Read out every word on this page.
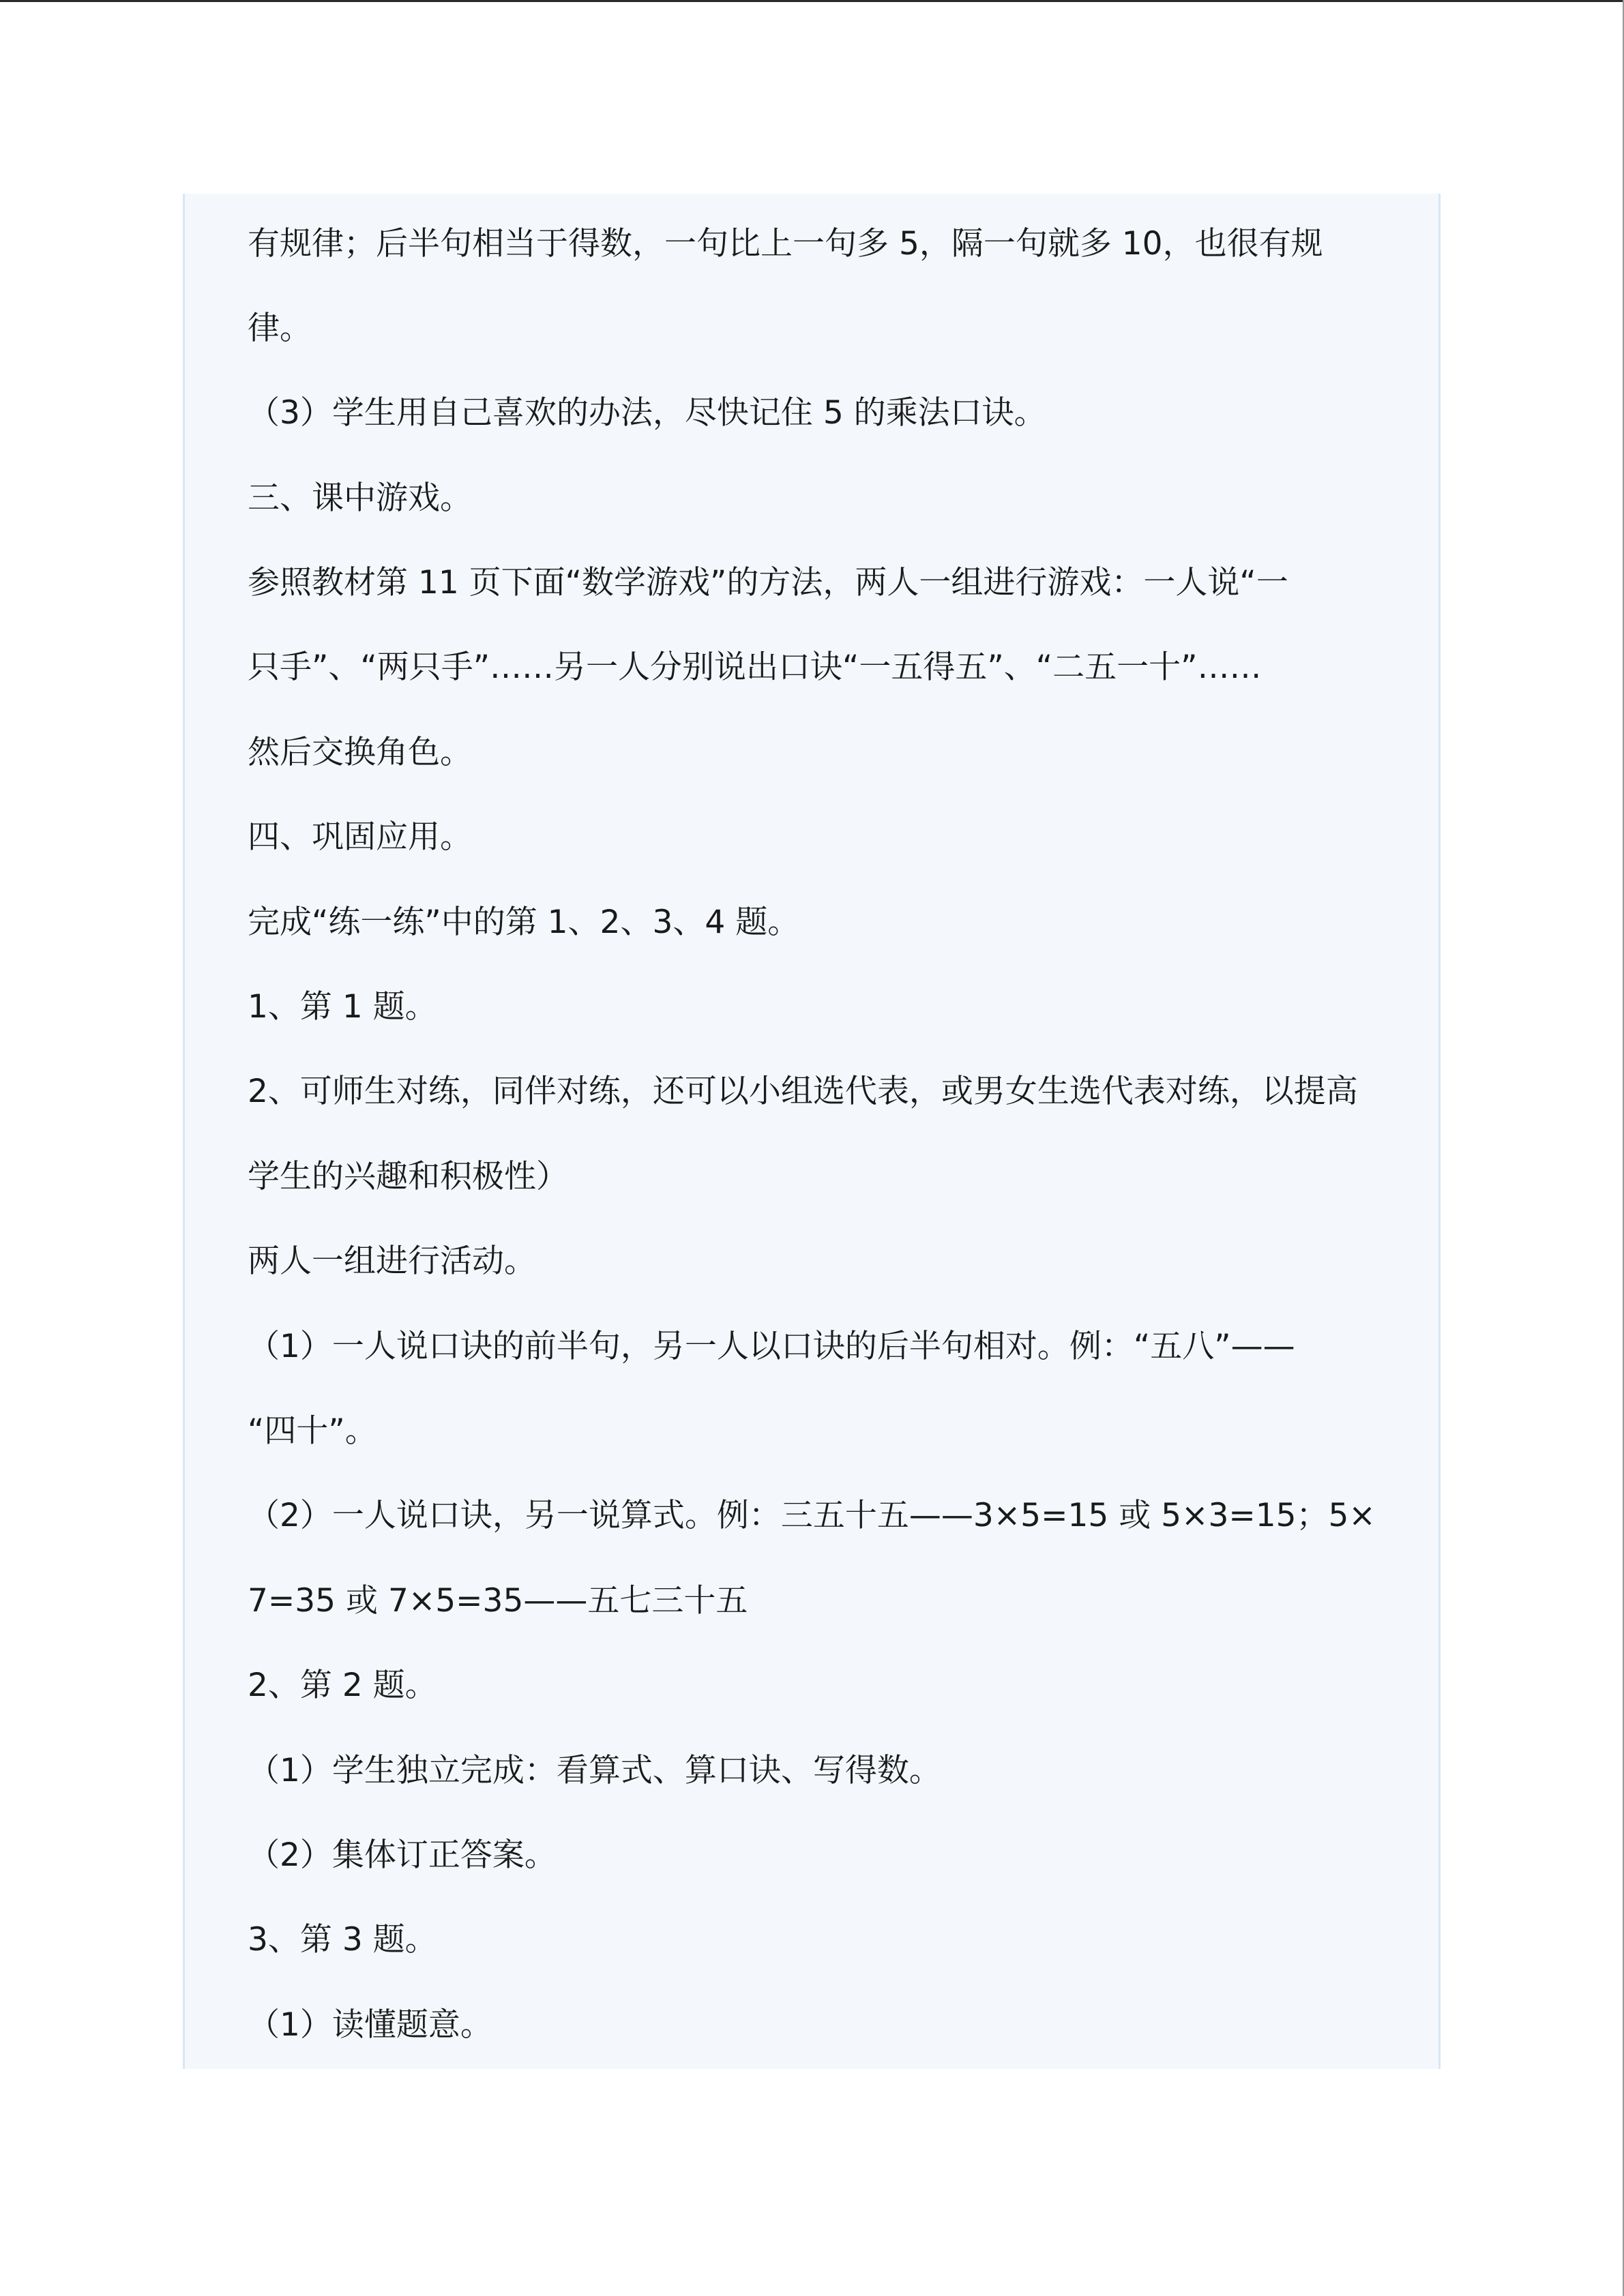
有规律；后半句相当于得数，一句比上一句多 5，隔一句就多 10，也很有规
律。
（3）学生用自己喜欢的办法，尽快记住 5 的乘法口诀。
三、课中游戏。
参照教材第 11 页下面“数学游戏”的方法，两人一组进行游戏：一人说“一
只手”、“两只手”……另一人分别说出口诀“一五得五”、“二五一十”……
然后交换角色。
四、巩固应用。
完成“练一练”中的第 1、2、3、4 题。
1、第 1 题。
2、可师生对练，同伴对练，还可以小组选代表，或男女生选代表对练，以提高
学生的兴趣和积极性）
两人一组进行活动。
（1）一人说口诀的前半句，另一人以口诀的后半句相对。例：“五八”——
“四十”。
（2）一人说口诀，另一说算式。例：三五十五——3×5=15 或 5×3=15；5×
7=35 或 7×5=35——五七三十五
2、第 2 题。
（1）学生独立完成：看算式、算口诀、写得数。
（2）集体订正答案。
3、第 3 题。
（1）读懂题意。
